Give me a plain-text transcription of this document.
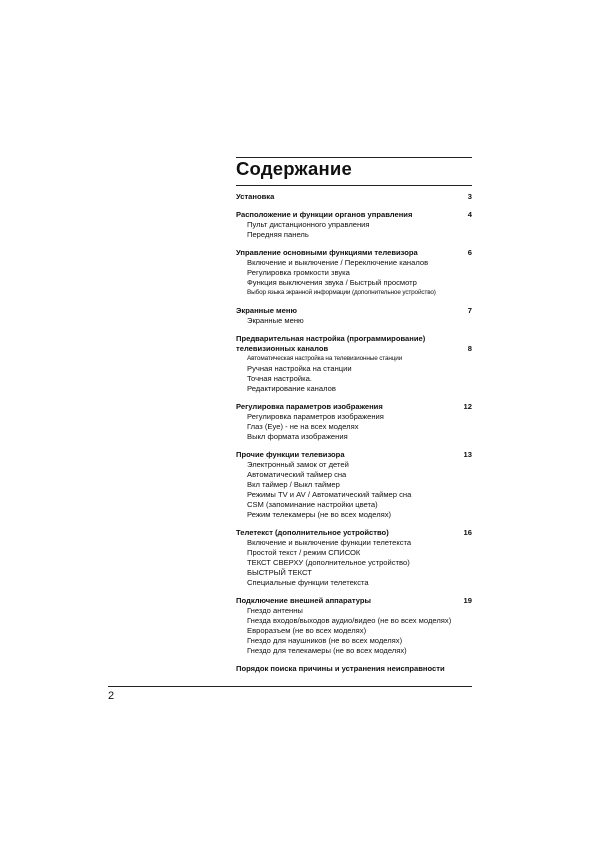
Содержание
Установка	3
Расположение и функции органов управления	4
Пульт дистанционного управления
Передняя панель
Управление основными функциями телевизора	6
Включение и выключение / Переключение каналов
Регулировка громкости звука
Функция выключения звука / Быстрый просмотр
Выбор языка экранной информации (дополнительное устройство)
Экранные меню	7
Экранные меню
Предварительная настройка (программирование) телевизионных каналов	8
Автоматическая настройка на телевизионные станции
Ручная настройка на станции
Точная настройка.
Редактирование каналов
Регулировка параметров изображения	12
Регулировка параметров изображения
Глаз (Eye) - не на всех моделях
Выкл формата изображения
Прочие функции телевизора	13
Электронный замок от детей
Автоматический таймер сна
Вкл таймер / Выкл таймер
Режимы TV и AV / Автоматический таймер сна
CSM (запоминание настройки цвета)
Режим телекамеры (не во всех моделях)
Телетекст (дополнительное устройство)	16
Включение и выключение функции телетекста
Простой текст / режим СПИСОК
ТЕКСТ СВЕРХУ (дополнительное устройство)
БЫСТРЫЙ ТЕКСТ
Специальные функции телетекста
Подключение внешней аппаратуры	19
Гнездо антенны
Гнезда входов/выходов аудио/видео (не во всех моделях)
Евроразъем (не во всех моделях)
Гнездо для наушников (не во всех моделях)
Гнездо для телекамеры (не во всех моделях)
Порядок поиска причины и устранения неисправности
2
